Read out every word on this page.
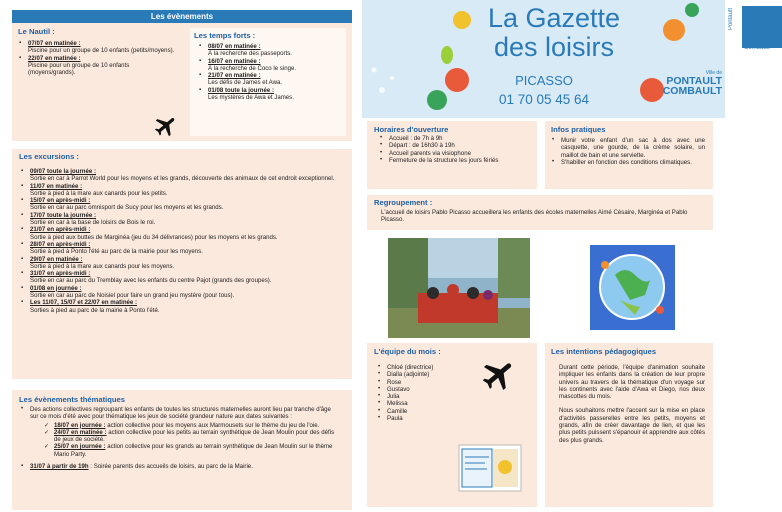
Les évènements
Le Nautil :
▪ 07/07 en matinée :
Piscine pour un groupe de 10 enfants (petits/moyens).
▪ 22/07 en matinée :
Piscine pour un groupe de 10 enfants (moyens/grands).
Les temps forts :
▪ 08/07 en matinée :
À la recherche des passeports.
▪ 16/07 en matinée :
À la recherche de Coco le singe.
▪ 21/07 en matinée :
Les défis de James et Awa.
▪ 01/08 toute la journée :
Les mystères de Awa et James.
Les excursions :
▪ 09/07 toute la journée :
Sortie en car à Parrot World pour les moyens et les grands, découverte des animaux de cet endroit exceptionnel.
▪ 11/07 en matinée :
Sortie à pied à la mare aux canards pour les petits.
▪ 15/07 en après-midi :
Sortie en car au parc omnisport de Sucy pour les moyens et les grands.
▪ 17/07 toute la journée :
Sortie en car à la base de loisirs de Bois le roi.
▪ 21/07 en après-midi :
Sortie à pied aux buttes de Marginéa (jeu du 34 délivrances) pour les moyens et les grands.
▪ 28/07 en après-midi :
Sortie à pied à Ponto l'été au parc de la mairie pour les moyens.
▪ 29/07 en matinée :
Sortie à pied à la mare aux canards pour les moyens.
▪ 31/07 en après-midi :
Sortie en car au parc du Tremblay avec les enfants du centre Pajot (grands des groupes).
▪ 01/08 en journée :
Sortie en car au parc de Noisiel pour faire un grand jeu mystère (pour tous).
▪ Les 11/07, 15/07 et 22/07 en matinée :
Sorties à pied au parc de la mairie à Ponto l'été.
Les évènements thématiques
• Des actions collectives regroupant les enfants de toutes les structures maternelles auront lieu par tranche d'âge sur ce mois d'été avec pour thématique les jeux de société grandeur nature aux dates suivantes :
✓ 18/07 en journée : action collective pour les moyens aux Marmousets sur le thème du jeu de l'oie.
✓ 24/07 en matinée : action collective pour les petits au terrain synthétique de Jean Moulin pour des défis de jeux de société.
✓ 25/07 en journée : action collective pour les grands au terrain synthétique de Jean Moulin sur le thème Mario Party.
▪ 31/07 à partir de 19h : Soirée parents des accueils de loisirs, au parc de la Mairie.
Pontault
Combault
La Gazette
des loisirs
PICASSO
01 70 05 45 64
Ville de
PONTAULT
COMBAULT
Horaires d'ouverture
• Accueil : de 7h à 9h
• Départ : de 16h30 à 19h
• Accueil parents via visiophone
• Fermeture de la structure les jours fériés
Infos pratiques
• Munir votre enfant d'un sac à dos avec une casquette, une gourde, de la crème solaire, un maillot de bain et une serviette.
• S'habiller en fonction des conditions climatiques.
Regroupement :
L'accueil de loisirs Pablo Picasso accueillera les enfants des écoles maternelles Aimé Césaire, Marginéa et Pablo Picasso.
L'équipe du mois :
• Chloé (directrice)
• Dialla (adjointe)
• Rose
• Gustavo
• Julia
• Melissa
• Camille
• Paula
Les intentions pédagogiques
Durant cette période, l'équipe d'animation souhaite impliquer les enfants dans la création de leur propre univers au travers de la thématique d'un voyage sur les continents avec l'aide d'Awa et Diego, nos deux mascottes du mois.
Nous souhaitons mettre l'accent sur la mise en place d'activités passerelles entre les petits, moyens et grands, afin de créer davantage de lien, et que les plus petits puissent s'épanouir et apprendre aux côtés des plus grands.
